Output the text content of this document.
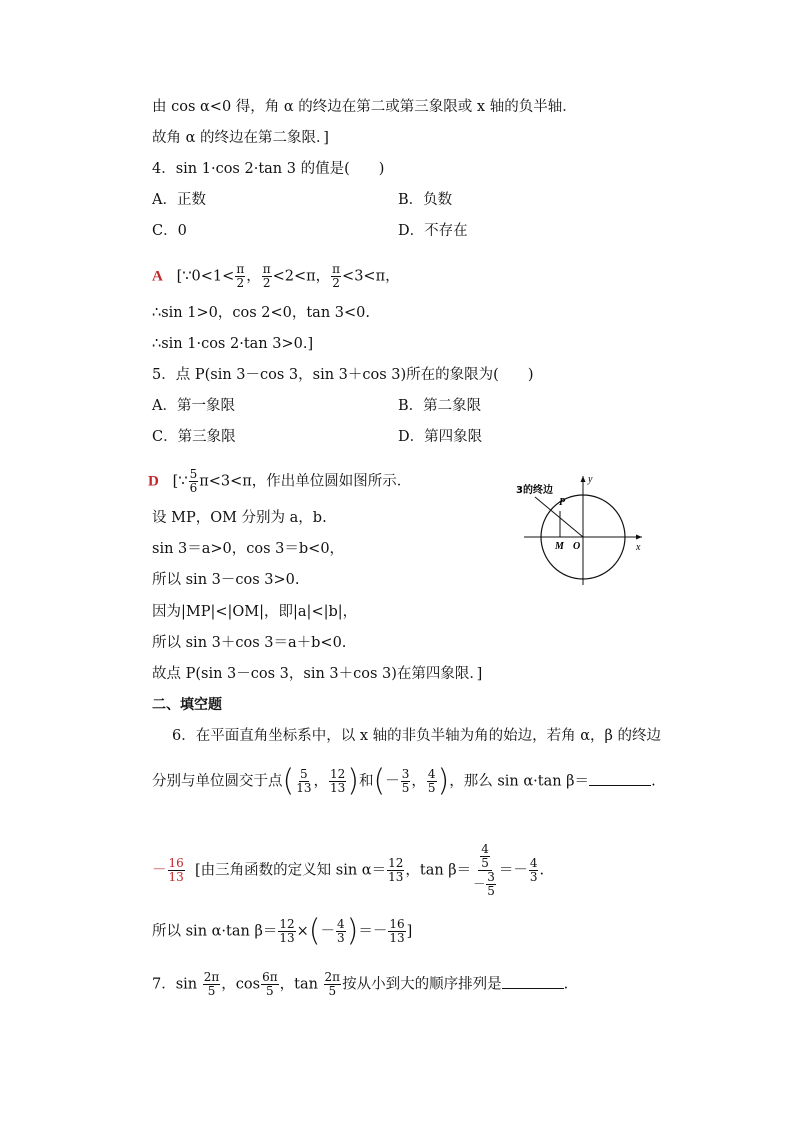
由 cos α<0 得，角 α 的终边在第二或第三象限或 x 轴的负半轴．
故角 α 的终边在第二象限．]
4．sin 1·cos 2·tan 3 的值是(　　)
A．正数	B．负数
C．0	D．不存在
A [∵0<1< $\frac{\pi}{2}$ ， $\frac{\pi}{2} <2<\pi$， $\frac{\pi}{2} <3<\pi$，
∴sin 1>0，cos 2<0，tan 3<0.
∴sin 1·cos 2·tan 3>0.]
5．点 P(sin 3－cos 3，sin 3＋cos 3)所在的象限为(　　)
A．第一象限	B．第二象限
C．第三象限	D．第四象限
D [∵ $\frac{5}{6} \pi<3<\pi$，作出单位圆如图所示．
设 MP，OM 分别为 a，b.
sin 3＝a>0，cos 3＝b<0，
所以 sin 3－cos 3>0.
因为|MP|<|OM|，即|a|<|b|，
所以 sin 3＋cos 3＝a＋b<0.
故点 P(sin 3－cos 3，sin 3＋cos 3)在第四象限．]
3的终边
P
M O	x
y
二、填空题
6．在平面直角坐标系中，以 x 轴的非负半轴为角的始边，若角 α，β 的终边
分别与单位圆交于点( $\frac{5}{13}$ ， $\frac{12}{13}$ )和(－ $\frac{3}{5}$ ， $\frac{4}{5}$ )，那么 sin α·tan β＝	.
－ $\frac{16}{13}$ [由三角函数的定义知 $\sin \alpha= \frac{12}{13}$ ，$\tan \beta= \frac{\frac{4}{5}}{- \frac{3}{5}} =- \frac{4}{3}$ .
所以 sin α·tan $\beta= \frac{12}{13}$ ×(－ $\frac{4}{3}$ )＝－ $\frac{16}{13}$ ]
7．$\sin \frac{2\pi}{5}$ ，$\cos \frac{6\pi}{5}$ ，$\tan \frac{2\pi}{5}$ 按从小到大的顺序排列是	.
